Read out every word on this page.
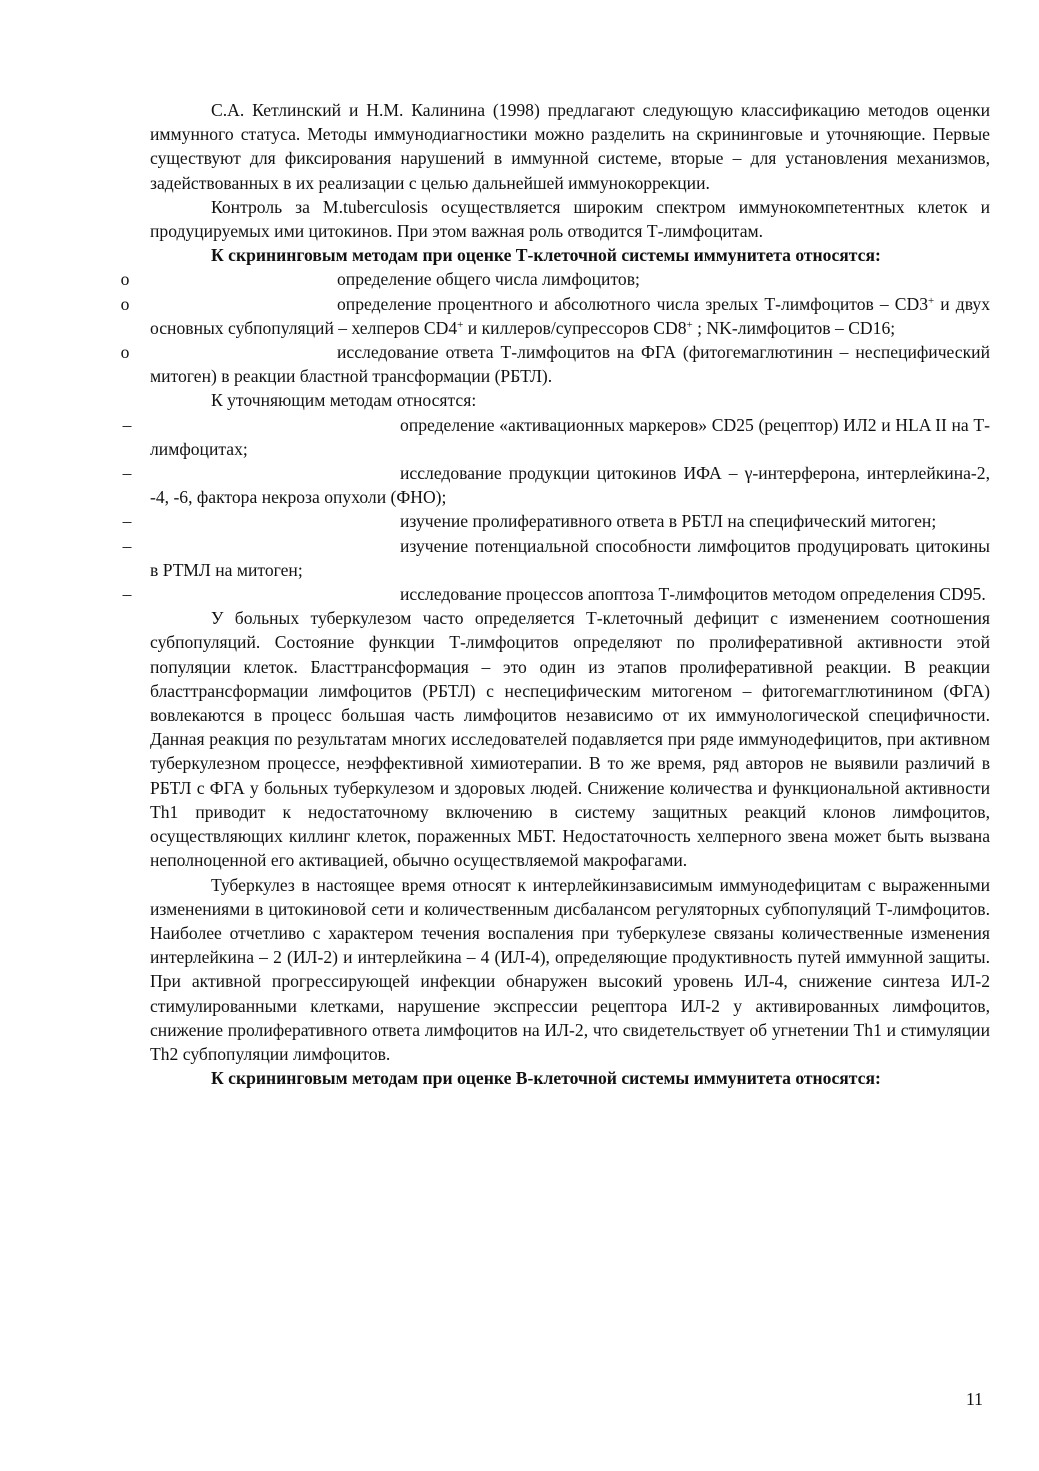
С.А. Кетлинский и Н.М. Калинина (1998) предлагают следующую классификацию методов оценки иммунного статуса. Методы иммунодиагностики можно разделить на скрининговые и уточняющие. Первые существуют для фиксирования нарушений в иммунной системе, вторые – для установления механизмов, задействованных в их реализации с целью дальнейшей иммунокоррекции.

Контроль за M.tuberculosis осуществляется широким спектром иммунокомпетентных клеток и продуцируемых ими цитокинов. При этом важная роль отводится Т-лимфоцитам.

К скрининговым методам при оценке Т-клеточной системы иммунитета относятся:

o	определение общего числа лимфоцитов;
o	определение процентного и абсолютного числа зрелых Т-лимфоцитов – CD3+ и двух основных субпопуляций – хелперов CD4+ и киллеров/супрессоров CD8+ ; NK-лимфоцитов – CD16;
o	исследование ответа Т-лимфоцитов на ФГА (фитогемаглютинин – неспецифический митоген) в реакции бластной трансформации (РБТЛ).

К уточняющим методам относятся:

–	определение «активационных маркеров» CD25 (рецептор) ИЛ2 и HLA II на Т-лимфоцитах;
–	исследование продукции цитокинов ИФА – γ-интерферона, интерлейкина-2, -4, -6, фактора некроза опухоли (ФНО);
–	изучение пролиферативного ответа в РБТЛ на специфический митоген;
–	изучение потенциальной способности лимфоцитов продуцировать цитокины в РТМЛ на митоген;
–	исследование процессов апоптоза Т-лимфоцитов методом определения CD95.

У больных туберкулезом часто определяется Т-клеточный дефицит с изменением соотношения субпопуляций. Состояние функции Т-лимфоцитов определяют по пролиферативной активности этой популяции клеток. Бласттрансформация – это один из этапов пролиферативной реакции. В реакции бласттрансформации лимфоцитов (РБТЛ) с неспецифическим митогеном – фитогемагглютинином (ФГА) вовлекаются в процесс большая часть лимфоцитов независимо от их иммунологической специфичности. Данная реакция по результатам многих исследователей подавляется при ряде иммунодефицитов, при активном туберкулезном процессе, неэффективной химиотерапии. В то же время, ряд авторов не выявили различий в РБТЛ с ФГА у больных туберкулезом и здоровых людей. Снижение количества и функциональной активности Th1 приводит к недостаточному включению в систему защитных реакций клонов лимфоцитов, осуществляющих киллинг клеток, пораженных МБТ. Недостаточность хелперного звена может быть вызвана неполноценной его активацией, обычно осуществляемой макрофагами.

Туберкулез в настоящее время относят к интерлейкинзависимым иммунодефицитам с выраженными изменениями в цитокиновой сети и количественным дисбалансом регуляторных субпопуляций Т-лимфоцитов. Наиболее отчетливо с характером течения воспаления при туберкулезе связаны количественные изменения интерлейкина – 2 (ИЛ-2) и интерлейкина – 4 (ИЛ-4), определяющие продуктивность путей иммунной защиты. При активной прогрессирующей инфекции обнаружен высокий уровень ИЛ-4, снижение синтеза ИЛ-2 стимулированными клетками, нарушение экспрессии рецептора ИЛ-2 у активированных лимфоцитов, снижение пролиферативного ответа лимфоцитов на ИЛ-2, что свидетельствует об угнетении Th1 и стимуляции Th2 субпопуляции лимфоцитов.

К скрининговым методам при оценке В-клеточной системы иммунитета относятся:

11
